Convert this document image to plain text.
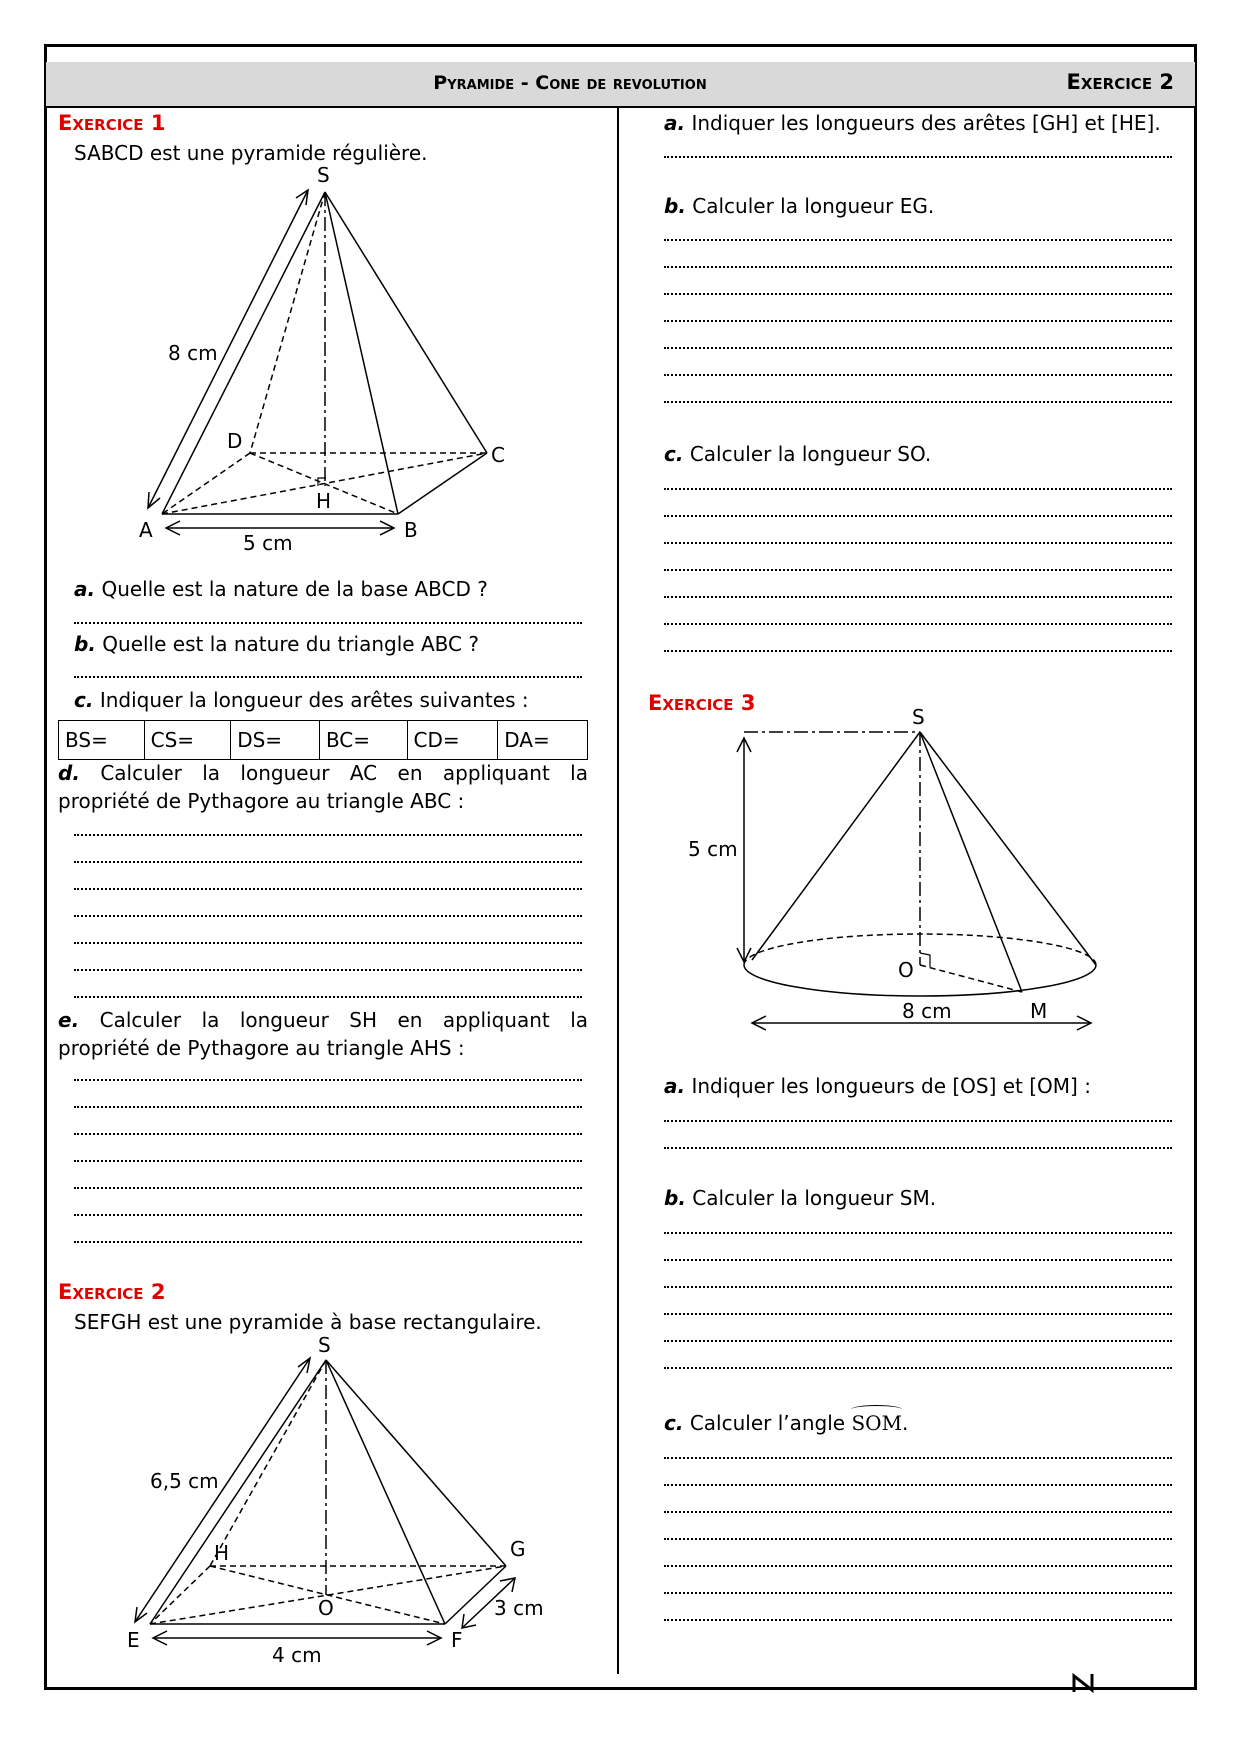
Pyramide - Cone de revolution	Exercice 2
Exercice 1
SABCD est une pyramide régulière.
S
A	B
C
D
H
8 cm
5 cm
a. Quelle est la nature de la base ABCD ?
b. Quelle est la nature du triangle ABC ?
c. Indiquer la longueur des arêtes suivantes :
BS=	CS=	DS=	BC=	CD=	DA=
d. Calculer la longueur AC en appliquant la
propriété de Pythagore au triangle ABC :
e. Calculer la longueur SH en appliquant la
propriété de Pythagore au triangle AHS :
Exercice 2
SEFGH est une pyramide à base rectangulaire.
S
E	F
G
H
O
6,5 cm
4 cm
3 cm
a. Indiquer les longueurs des arêtes [GH] et [HE].
b. Calculer la longueur EG.
c. Calculer la longueur SO.
Exercice 3
S
O
M
5 cm
8 cm
a. Indiquer les longueurs de [OS] et [OM] :
b. Calculer la longueur SM.
c. Calculer l’angle SOM.
